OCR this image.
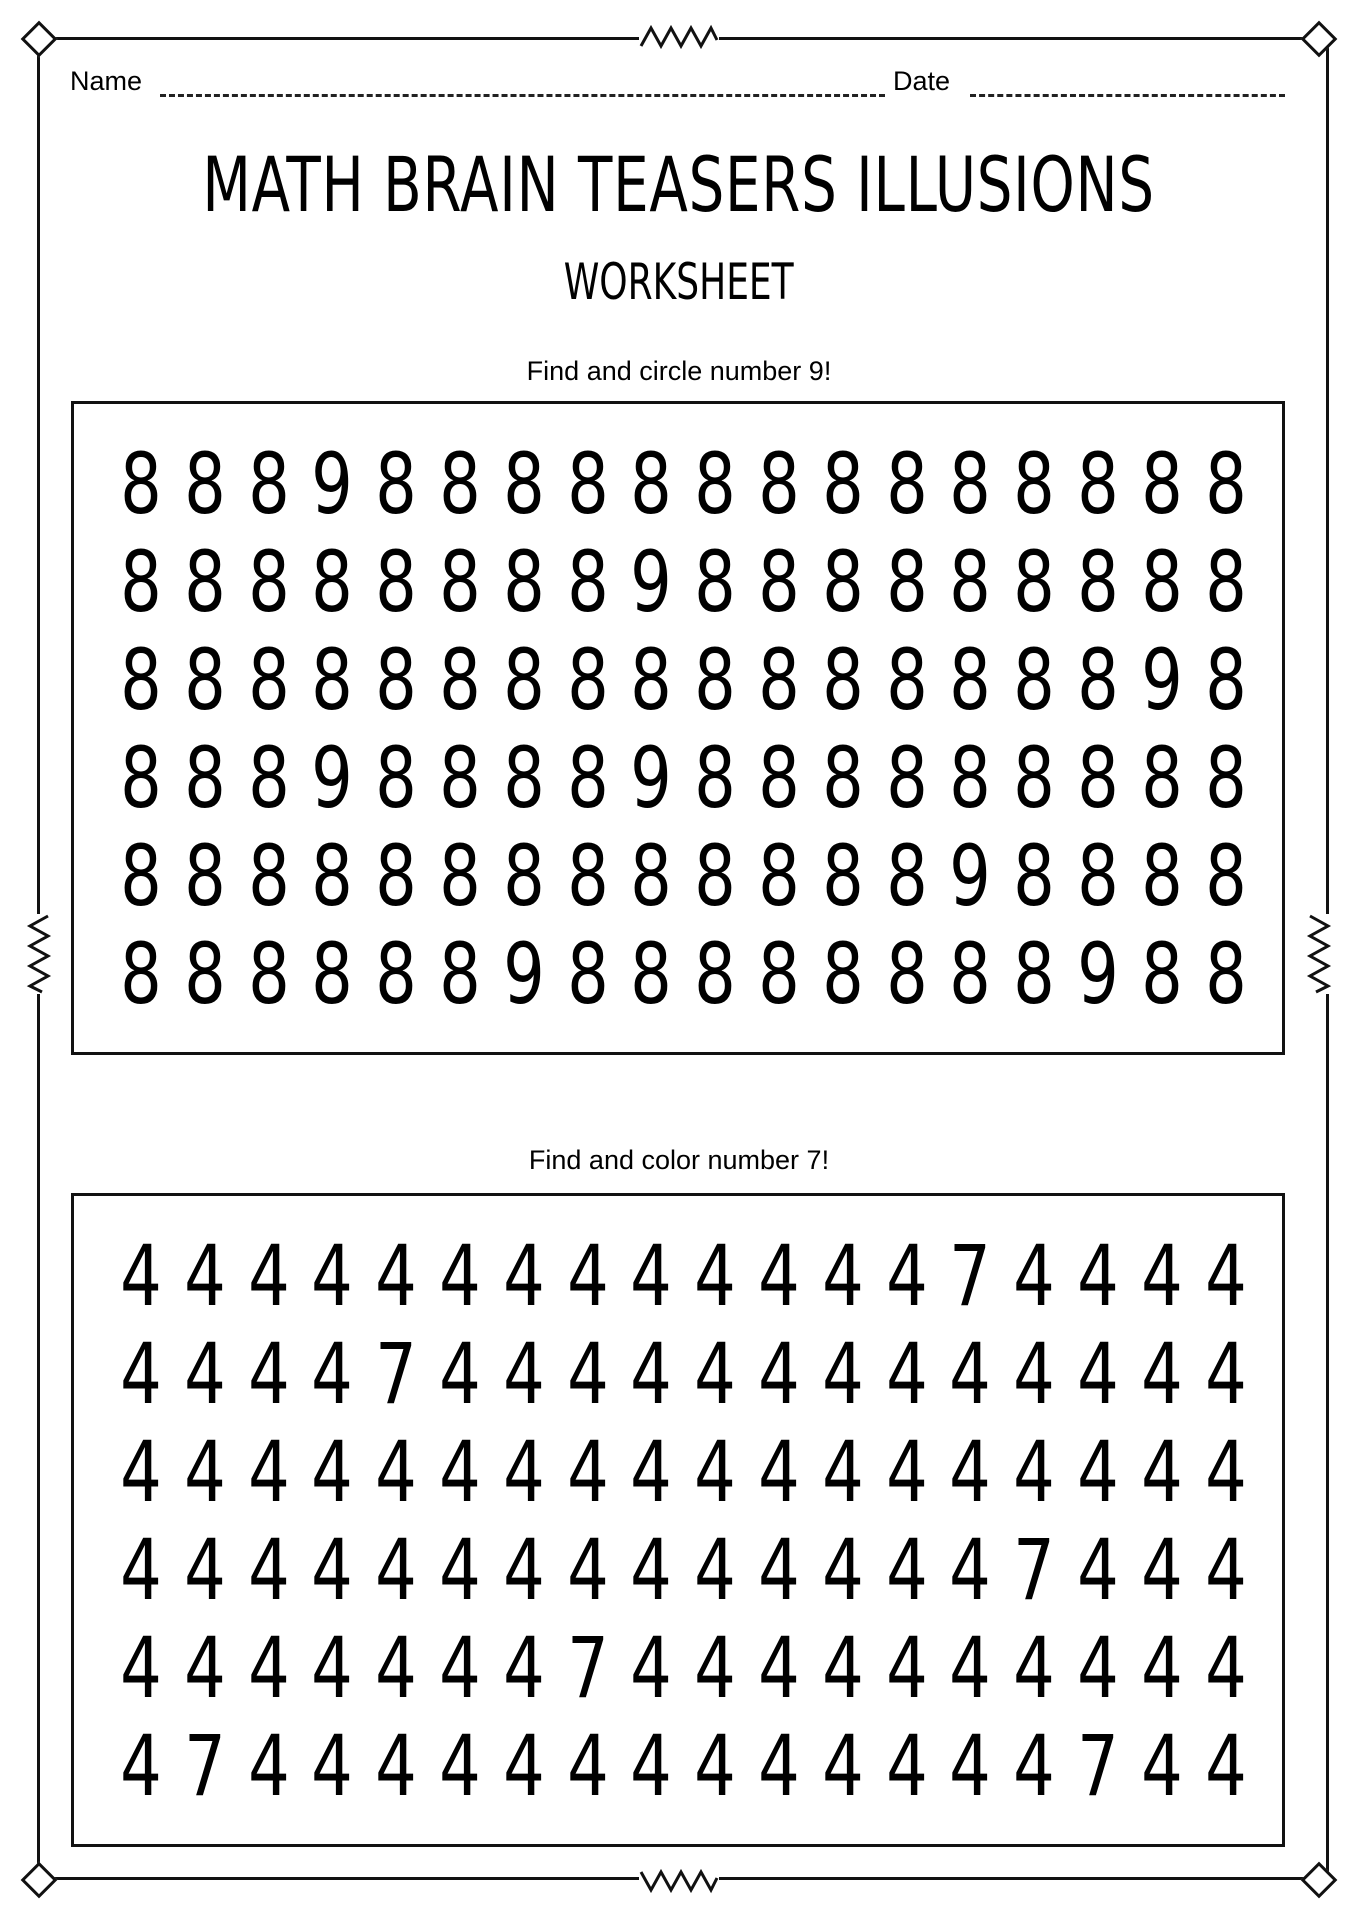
Name	Date
MATH BRAIN TEASERS ILLUSIONS
WORKSHEET
Find and circle number 9!
8 8 8 9 8 8 8 8 8 8 8 8 8 8 8 8 8 8
8 8 8 8 8 8 8 8 9 8 8 8 8 8 8 8 8 8
8 8 8 8 8 8 8 8 8 8 8 8 8 8 8 8 9 8
8 8 8 9 8 8 8 8 9 8 8 8 8 8 8 8 8 8
8 8 8 8 8 8 8 8 8 8 8 8 8 9 8 8 8 8
8 8 8 8 8 8 9 8 8 8 8 8 8 8 8 9 8 8
Find and color number 7!
4 4 4 4 4 4 4 4 4 4 4 4 4 7 4 4 4 4
4 4 4 4 7 4 4 4 4 4 4 4 4 4 4 4 4 4
4 4 4 4 4 4 4 4 4 4 4 4 4 4 4 4 4 4
4 4 4 4 4 4 4 4 4 4 4 4 4 4 7 4 4 4
4 4 4 4 4 4 4 7 4 4 4 4 4 4 4 4 4 4
4 7 4 4 4 4 4 4 4 4 4 4 4 4 4 7 4 4
